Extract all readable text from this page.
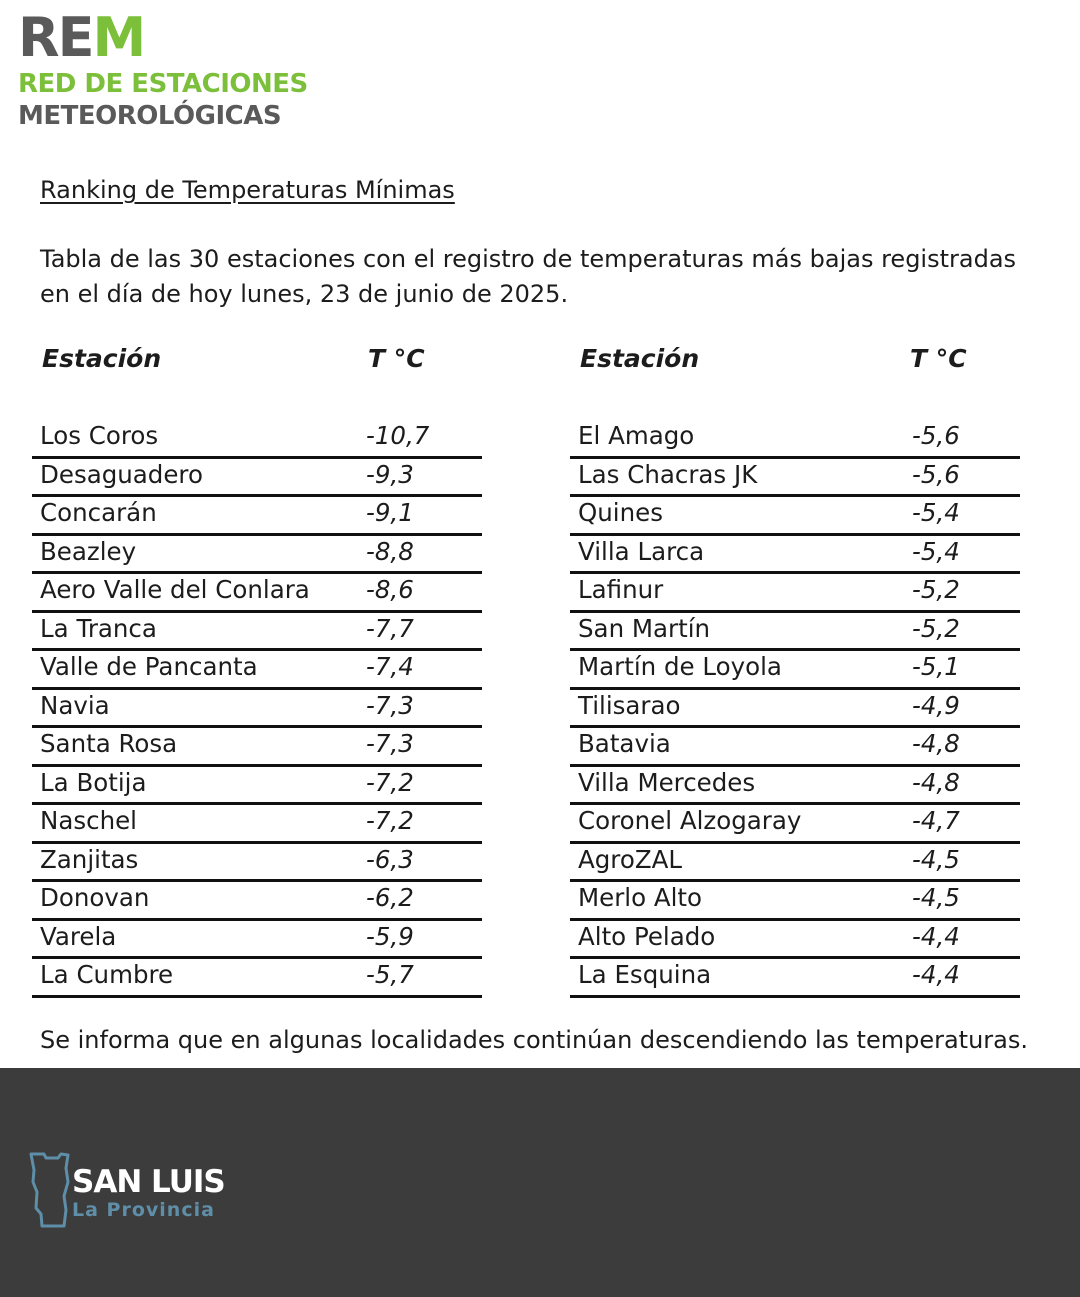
REM
RED DE ESTACIONES
METEOROLÓGICAS
Ranking de Temperaturas Mínimas
Tabla de las 30 estaciones con el registro de temperaturas más bajas registradas en el día de hoy lunes, 23 de junio de 2025.
Estación	T °C
Los Coros	-10,7
Desaguadero	-9,3
Concarán	-9,1
Beazley	-8,8
Aero Valle del Conlara -8,6
La Tranca	-7,7
Valle de Pancanta	-7,4
Navia	-7,3
Santa Rosa	-7,3
La Botija	-7,2
Naschel	-7,2
Zanjitas	-6,3
Donovan	-6,2
Varela	-5,9
La Cumbre	-5,7
Estación	T °C
El Amago	-5,6
Las Chacras JK	-5,6
Quines	-5,4
Villa Larca	-5,4
Lafinur	-5,2
San Martín	-5,2
Martín de Loyola	-5,1
Tilisarao	-4,9
Batavia	-4,8
Villa Mercedes	-4,8
Coronel Alzogaray	-4,7
AgroZAL	-4,5
Merlo Alto	-4,5
Alto Pelado	-4,4
La Esquina	-4,4
Se informa que en algunas localidades continúan descendiendo las temperaturas.
SAN LUIS
La Provincia
